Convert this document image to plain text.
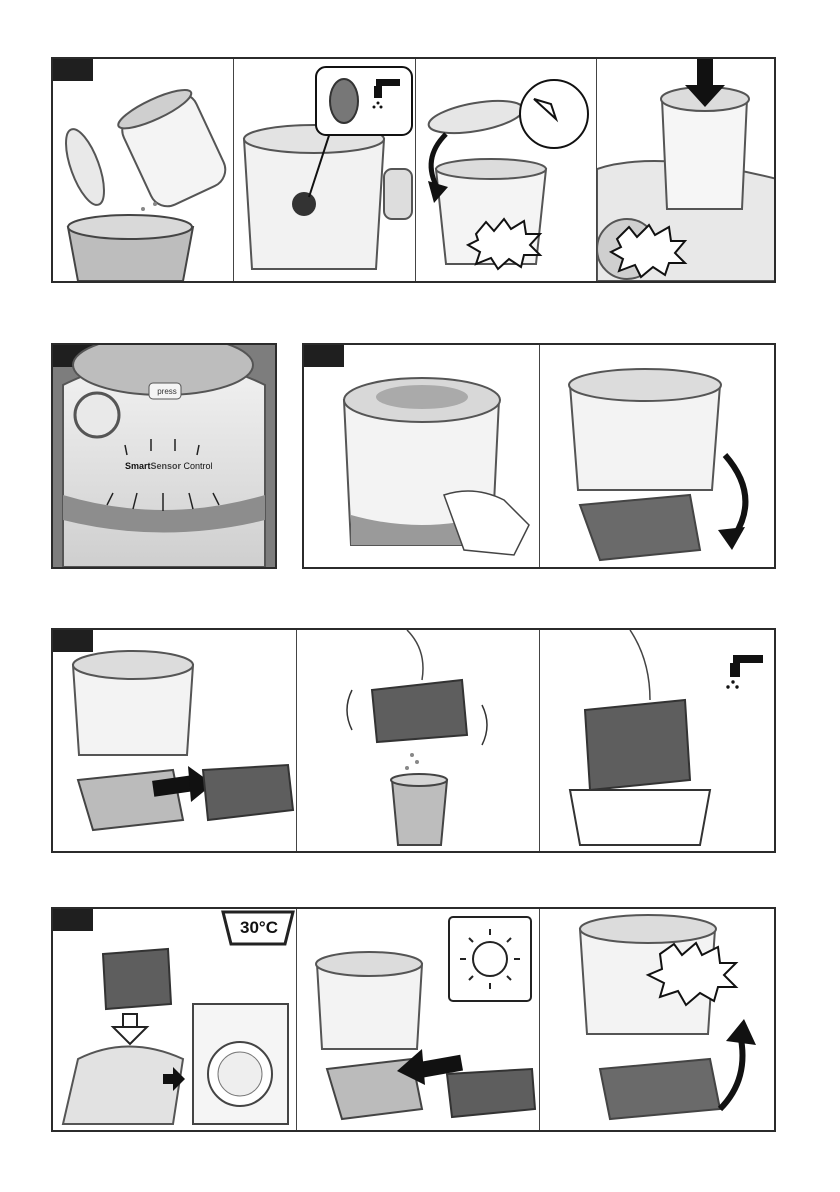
press
SmartSensor Control
30°C
